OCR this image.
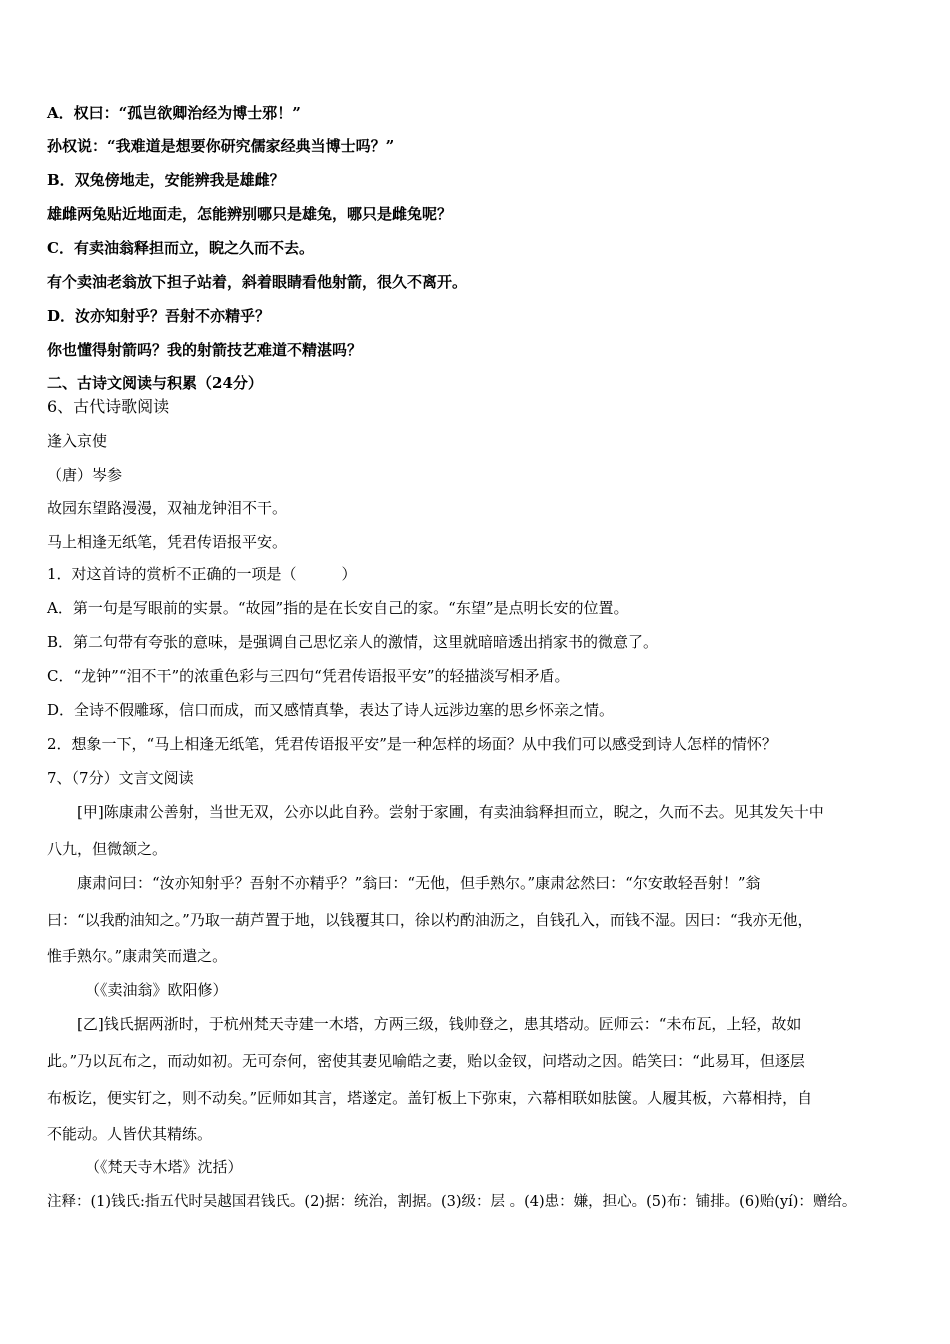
A．权曰：“孤岂欲卿治经为博士邪！”
孙权说：“我难道是想要你研究儒家经典当博士吗？”
B．双兔傍地走，安能辨我是雄雌？
雄雌两兔贴近地面走，怎能辨别哪只是雄兔，哪只是雌兔呢？
C．有卖油翁释担而立，睨之久而不去。
有个卖油老翁放下担子站着，斜着眼睛看他射箭，很久不离开。
D．汝亦知射乎？吾射不亦精乎？
你也懂得射箭吗？我的射箭技艺难道不精湛吗？
二、古诗文阅读与积累（24分）
6、古代诗歌阅读
逢入京使
（唐）岑参
故园东望路漫漫，双袖龙钟泪不干。
马上相逢无纸笔，凭君传语报平安。
1．对这首诗的赏析不正确的一项是（　　　）
A．第一句是写眼前的实景。“故园”指的是在长安自己的家。“东望”是点明长安的位置。
B．第二句带有夸张的意味，是强调自己思忆亲人的激情，这里就暗暗透出捎家书的微意了。
C．“龙钟”“泪不干”的浓重色彩与三四句“凭君传语报平安”的轻描淡写相矛盾。
D．全诗不假雕琢，信口而成，而又感情真挚，表达了诗人远涉边塞的思乡怀亲之情。
2．想象一下，“马上相逢无纸笔，凭君传语报平安”是一种怎样的场面？从中我们可以感受到诗人怎样的情怀？
7、（7分）文言文阅读
[甲]陈康肃公善射，当世无双，公亦以此自矜。尝射于家圃，有卖油翁释担而立，睨之，久而不去。见其发矢十中
八九，但微颔之。
康肃问曰：“汝亦知射乎？吾射不亦精乎？”翁曰：“无他，但手熟尔。”康肃忿然曰：“尔安敢轻吾射！”翁
曰：“以我酌油知之。”乃取一葫芦置于地，以钱覆其口，徐以杓酌油沥之，自钱孔入，而钱不湿。因曰：“我亦无他，
惟手熟尔。”康肃笑而遣之。
（《卖油翁》欧阳修）
[乙]钱氏据两浙时，于杭州梵天寺建一木塔，方两三级，钱帅登之，患其塔动。匠师云：“未布瓦，上轻，故如
此。”乃以瓦布之，而动如初。无可奈何，密使其妻见喻皓之妻，贻以金钗，问塔动之因。皓笑曰：“此易耳，但逐层
布板讫，便实钉之，则不动矣。”匠师如其言，塔遂定。盖钉板上下弥束，六幕相联如胠箧。人履其板，六幕相持，自
不能动。人皆伏其精练。
（《梵天寺木塔》沈括）
注释：(1)钱氏:指五代时吴越国君钱氏。(2)据：统治，割据。(3)级：层 。(4)患：嫌，担心。(5)布：铺排。(6)贻(yí)：赠给。
